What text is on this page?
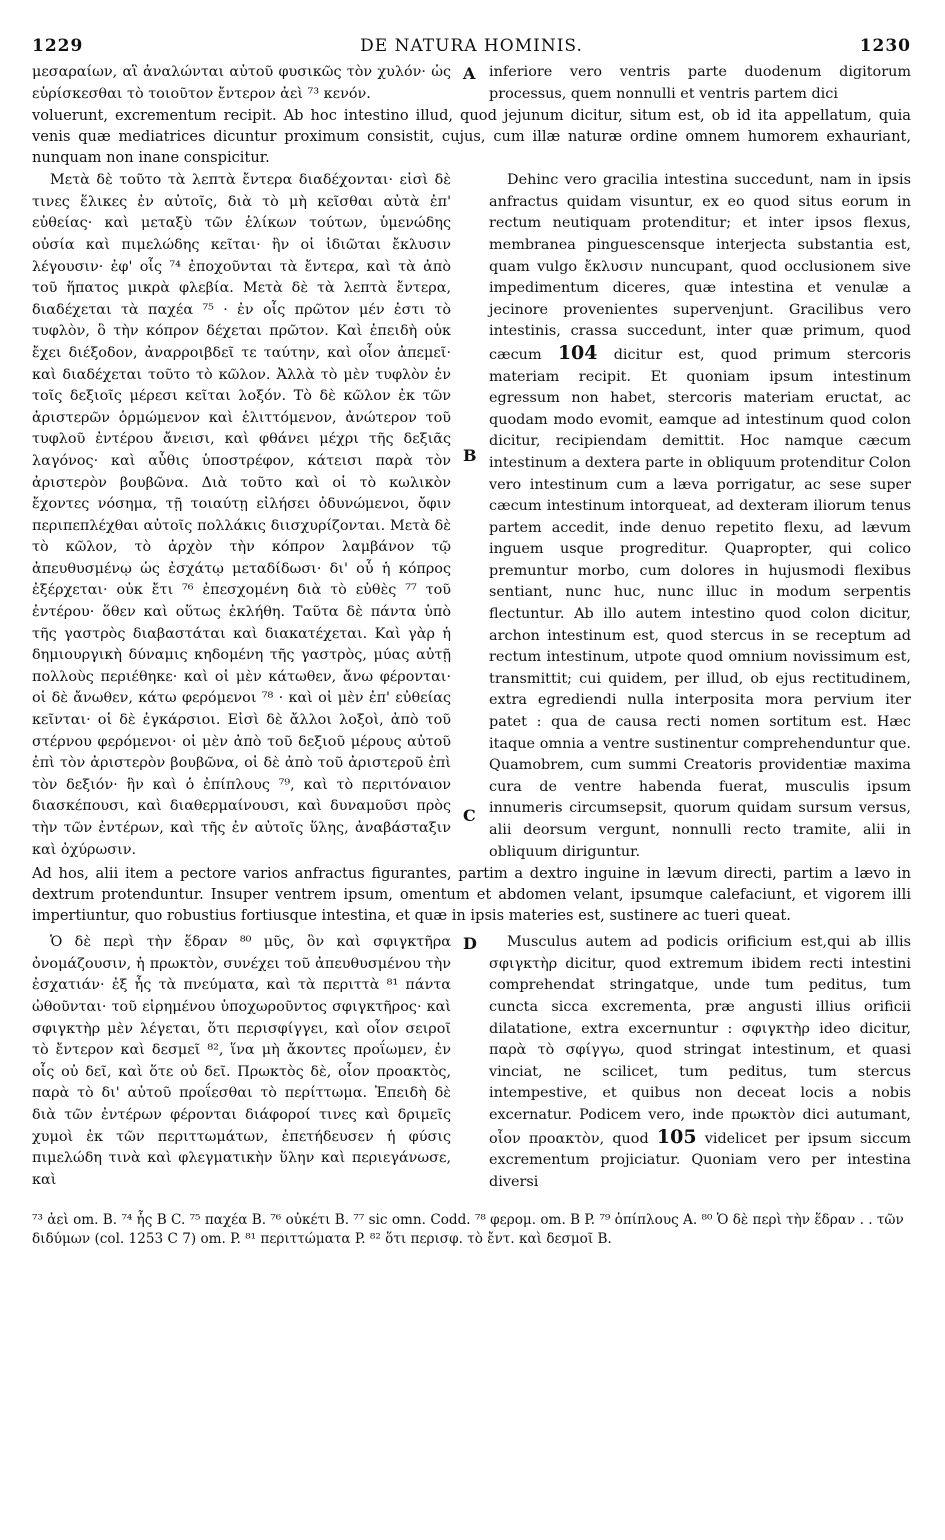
1229	DE NATURA HOMINIS.	1230
μεσαραίων, αἳ ἀναλώνται αὐτοῦ φυσικῶς τὸν χυλόν· ὡς εὑρίσκεσθαι τὸ τοιοῦτον ἔντερον ἀεὶ ⁷³ κενόν.
A inferiore vero ventris parte duodenum digitorum processus, quem nonnulli et ventris partem dici
voluerunt, excrementum recipit. Ab hoc intestino illud, quod jejunum dicitur, situm est, ob id ita appellatum, quia venis quæ mediatrices dicuntur proximum consistit, cujus, cum illæ naturæ ordine omnem humorem exhauriant, nunquam non inane conspicitur.
Μετὰ δὲ τοῦτο τὰ λεπτὰ ἔντερα διαδέχονται· εἰσὶ δὲ τινες ἕλικες ἐν αὐτοῖς, διὰ τὸ μὴ κεῖσθαι αὐτὰ ἐπ' εὐθείας· καὶ μεταξὺ τῶν ἑλίκων τούτων, ὑμενώδης οὐσία καὶ πιμελώδης κεῖται· ἣν οἱ ἰδιῶται ἔκλυσιν λέγουσιν· ἐφ' οἷς ⁷⁴ ἐποχοῦνται τὰ ἔντερα, καὶ τὰ ἀπὸ τοῦ ἥπατος μικρὰ φλεβία. Μετὰ δὲ τὰ λεπτὰ ἔντερα, διαδέχεται τὰ παχέα ⁷⁵ · ἐν οἷς πρῶτον μέν ἐστι τὸ τυφλὸν, ὃ τὴν κόπρον δέχεται πρῶτον. Καὶ ἐπειδὴ οὐκ ἔχει διέξοδον, ἀναρροιβδεῖ τε ταύτην, καὶ οἷον ἀπεμεῖ· καὶ διαδέχεται τοῦτο τὸ κῶλον. Ἀλλὰ τὸ μὲν τυφλὸν ἐν τοῖς δεξιοῖς μέρεσι κεῖται λοξόν. Τὸ δὲ κῶλον ἐκ τῶν ἀριστερῶν ὁρμώμενον καὶ ἑλιττόμενον, ἀνώτερον τοῦ τυφλοῦ ἐντέρου ἄνεισι, καὶ φθάνει μέχρι τῆς δεξιᾶς λαγόνος· καὶ αὖθις ὑποστρέφον, κάτεισι παρὰ τὸν ἀριστερὸν βουβῶνα. Διὰ τοῦτο καὶ οἱ τὸ κωλικὸν ἔχοντες νόσημα, τῇ τοιαύτῃ εἰλήσει ὀδυνώμενοι, ὄφιν περιπεπλέχθαι αὐτοῖς πολλάκις διισχυρίζονται. Μετὰ δὲ τὸ κῶλον, τὸ ἀρχὸν τὴν κόπρον λαμβάνον τῷ ἀπευθυσμένῳ ὡς ἐσχάτῳ μεταδίδωσι· δι' οὗ ἡ κόπρος ἐξέρχεται· οὐκ ἔτι ⁷⁶ ἐπεσχομένη διὰ τὸ εὐθὲς ⁷⁷ τοῦ ἐντέρου· ὅθεν καὶ οὕτως ἐκλήθη. Ταῦτα δὲ πάντα ὑπὸ τῆς γαστρὸς διαβαστάται καὶ διακατέχεται. Καὶ γὰρ ἡ δημιουργικὴ δύναμις κηδομένη τῆς γαστρὸς, μύας αὐτῇ πολλοὺς περιέθηκε· καὶ οἱ μὲν κάτωθεν, ἄνω φέρονται· οἱ δὲ ἄνωθεν, κάτω φερόμενοι ⁷⁸ · καὶ οἱ μὲν ἐπ' εὐθείας κεῖνται· οἱ δὲ ἐγκάρσιοι. Εἰσὶ δὲ ἄλλοι λοξοὶ, ἀπὸ τοῦ στέρνου φερόμενοι· οἱ μὲν ἀπὸ τοῦ δεξιοῦ μέρους αὐτοῦ ἐπὶ τὸν ἀριστερὸν βουβῶνα, οἱ δὲ ἀπὸ τοῦ ἀριστεροῦ ἐπὶ τὸν δεξιόν· ἣν καὶ ὁ ἐπίπλους ⁷⁹, καὶ τὸ περιτόναιον διασκέπουσι, καὶ διαθερμαίνουσι, καὶ δυναμοῦσι πρὸς τὴν τῶν ἐντέρων, καὶ τῆς ἐν αὐτοῖς ὕλης, ἀναβάσταξιν καὶ ὀχύρωσιν.
B
C
Dehinc vero gracilia intestina succedunt, nam in ipsis anfractus quidam visuntur, ex eo quod situs eorum in rectum neutiquam protenditur; et inter ipsos flexus, membranea pinguescensque interjecta substantia est, quam vulgo ἔκλυσιν nuncupant, quod occlusionem sive impedimentum diceres, quæ intestina et venulæ a jecinore provenientes supervenjunt. Gracilibus vero intestinis, crassa succedunt, inter quæ primum, quod cæcum 104 dicitur est, quod primum stercoris materiam recipit. Et quoniam ipsum intestinum egressum non habet, stercoris materiam eructat, ac quodam modo evomit, eamque ad intestinum quod colon dicitur, recipiendam demittit. Hoc namque cæcum intestinum a dextera parte in obliquum protenditur Colon vero intestinum cum a læva porrigatur, ac sese super cæcum intestinum intorqueat, ad dexteram iliorum tenus partem accedit, inde denuo repetito flexu, ad lævum inguem usque progreditur. Quapropter, qui colico premuntur morbo, cum dolores in hujusmodi flexibus sentiant, nunc huc, nunc illuc in modum serpentis flectuntur. Ab illo autem intestino quod colon dicitur, archon intestinum est, quod stercus in se receptum ad rectum intestinum, utpote quod omnium novissimum est, transmittit; cui quidem, per illud, ob ejus rectitudinem, extra egrediendi nulla interposita mora pervium iter patet : qua de causa recti nomen sortitum est. Hæc itaque omnia a ventre sustinentur comprehenduntur que. Quamobrem, cum summi Creatoris providentiæ maxima cura de ventre habenda fuerat, musculis ipsum innumeris circumsepsit, quorum quidam sursum versus, alii deorsum vergunt, nonnulli recto tramite, alii in obliquum diriguntur.
Ad hos, alii item a pectore varios anfractus figurantes, partim a dextro inguine in lævum directi, partim a lævo in dextrum protenduntur. Insuper ventrem ipsum, omentum et abdomen velant, ipsumque calefaciunt, et vigorem illi impertiuntur, quo robustius fortiusque intestina, et quæ in ipsis materies est, sustinere ac tueri queat.
Ὁ δὲ περὶ τὴν ἕδραν ⁸⁰ μῦς, ὃν καὶ σφιγκτῆρα ὀνομάζουσιν, ἡ πρωκτὸν, συνέχει τοῦ ἀπευθυσμένου τὴν ἐσχατιάν· ἐξ ἧς τὰ πνεύματα, καὶ τὰ περιττὰ ⁸¹ πάντα ὠθοῦνται· τοῦ εἰρημένου ὑποχωροῦντος σφιγκτῆρος· καὶ σφιγκτὴρ μὲν λέγεται, ὅτι περισφίγγει, καὶ οἷον σειροῖ τὸ ἔντερον καὶ δεσμεῖ ⁸², ἵνα μὴ ἄκοντες προΐωμεν, ἐν οἷς οὐ δεῖ, καὶ ὅτε οὐ δεῖ. Πρωκτὸς δὲ, οἷον προακτὸς, παρὰ τὸ δι' αὐτοῦ προΐεσθαι τὸ περίττωμα. Ἐπειδὴ δὲ διὰ τῶν ἐντέρων φέρονται διάφοροί τινες καὶ δριμεῖς χυμοὶ ἐκ τῶν περιττωμάτων, ἐπετήδευσεν ἡ φύσις πιμελώδη τινὰ καὶ φλεγματικὴν ὕλην καὶ περιεγάνωσε, καὶ
D	Musculus autem ad podicis orificium est,qui ab illis σφιγκτὴρ dicitur, quod extremum ibidem recti intestini comprehendat stringatque, unde tum peditus, tum cuncta sicca excrementa, præ angusti illius orificii dilatatione, extra excernuntur : σφιγκτὴρ ideo dicitur, παρὰ τὸ σφίγγω, quod stringat intestinum, et quasi vinciat, ne scilicet, tum peditus, tum stercus intempestive, et quibus non deceat locis a nobis excernatur. Podicem vero, inde πρωκτὸν dici autumant, οἷον προακτὸν, quod 105 videlicet per ipsum siccum excrementum projiciatur. Quoniam vero per intestina diversi
⁷³ ἀεὶ om. B. ⁷⁴ ἧς B C. ⁷⁵ παχέα B. ⁷⁶ οὐκέτι B. ⁷⁷ sic omn. Codd. ⁷⁸ φερομ. om. B P. ⁷⁹ ὁπίπλους A. ⁸⁰ Ὁ δὲ περὶ τὴν ἕδραν . . τῶν διδύμων (col. 1253 C 7) om. P. ⁸¹ περιττώματα P. ⁸² ὅτι περισφ. τὸ ἔντ. καὶ δεσμοῖ B.
